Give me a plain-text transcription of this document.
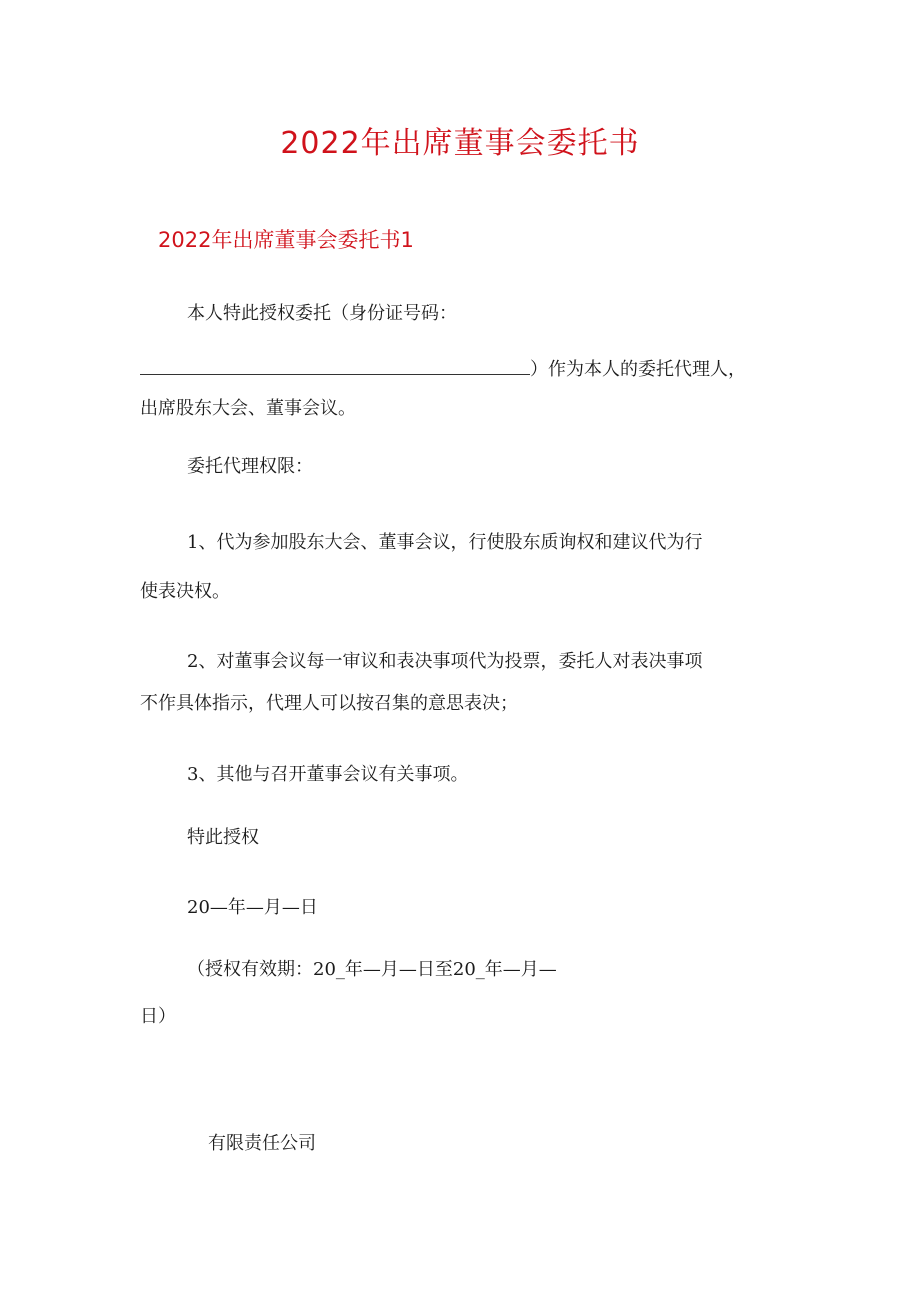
2022年出席董事会委托书
2022年出席董事会委托书1
本人特此授权委托（身份证号码：
）作为本人的委托代理人，
出席股东大会、董事会议。
委托代理权限：
1、代为参加股东大会、董事会议，行使股东质询权和建议代为行
使表决权。
2、对董事会议每一审议和表决事项代为投票，委托人对表决事项
不作具体指示，代理人可以按召集的意思表决；
3、其他与召开董事会议有关事项。
特此授权
20—年—月—日
（授权有效期：20_年—月—日至20_年—月—
日）
有限责任公司
